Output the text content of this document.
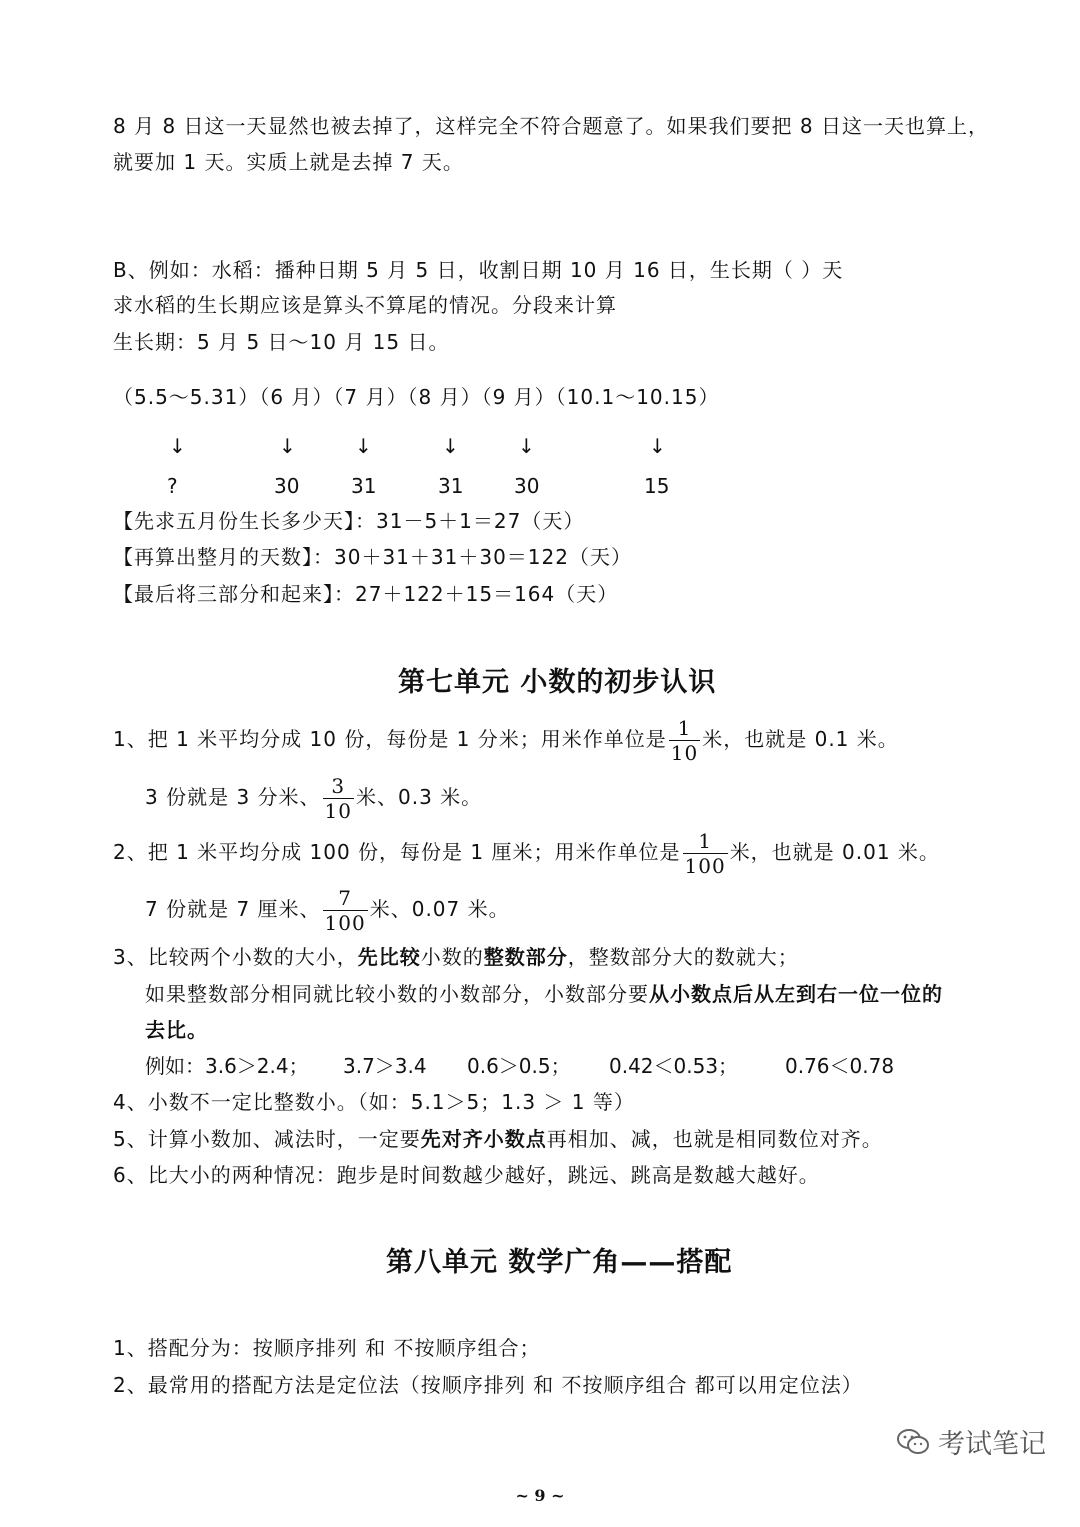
8 月 8 日这一天显然也被去掉了，这样完全不符合题意了。如果我们要把 8 日这一天也算上，
就要加 1 天。实质上就是去掉 7 天。
B、例如：水稻：播种日期 5 月 5 日，收割日期 10 月 16 日，生长期（ ）天
求水稻的生长期应该是算头不算尾的情况。分段来计算
生长期：5 月 5 日～10 月 15 日。
（5.5～5.31）（6 月）（7 月）（8 月）（9 月）（10.1～10.15）
↓	↓	↓	↓	↓	↓
?	30	31	31	30	15
【先求五月份生长多少天】：31－5＋1＝27（天）
【再算出整月的天数】：30＋31＋31＋30＝122（天）
【最后将三部分和起来】：27＋122＋15＝164（天）
第七单元 小数的初步认识
1、把 1 米平均分成 10 份，每份是 1 分米；用米作单位是 $\frac{1}{10}$ 米，也就是 0.1 米。
3 份就是 3 分米、 $\frac{3}{10}$ 米、0.3 米。
2、把 1 米平均分成 100 份，每份是 1 厘米；用米作单位是 $\frac{1}{100}$ 米，也就是 0.01 米。
7 份就是 7 厘米、 $\frac{7}{100}$ 米、0.07 米。
3、比较两个小数的大小，先比较小数的整数部分，整数部分大的数就大；
如果整数部分相同就比较小数的小数部分，小数部分要从小数点后从左到右一位一位的
去比。
例如：3.6＞2.4； 3.7＞3.4 0.6＞0.5； 0.42＜0.53； 0.76＜0.78
4、小数不一定比整数小。（如：5.1＞5；1.3 ＞ 1 等）
5、计算小数加、减法时，一定要先对齐小数点再相加、减，也就是相同数位对齐。
6、比大小的两种情况：跑步是时间数越少越好，跳远、跳高是数越大越好。
第八单元 数学广角——搭配
1、搭配分为：按顺序排列 和 不按顺序组合；
2、最常用的搭配方法是定位法（按顺序排列 和 不按顺序组合 都可以用定位法）
考试笔记
~ 9 ~
